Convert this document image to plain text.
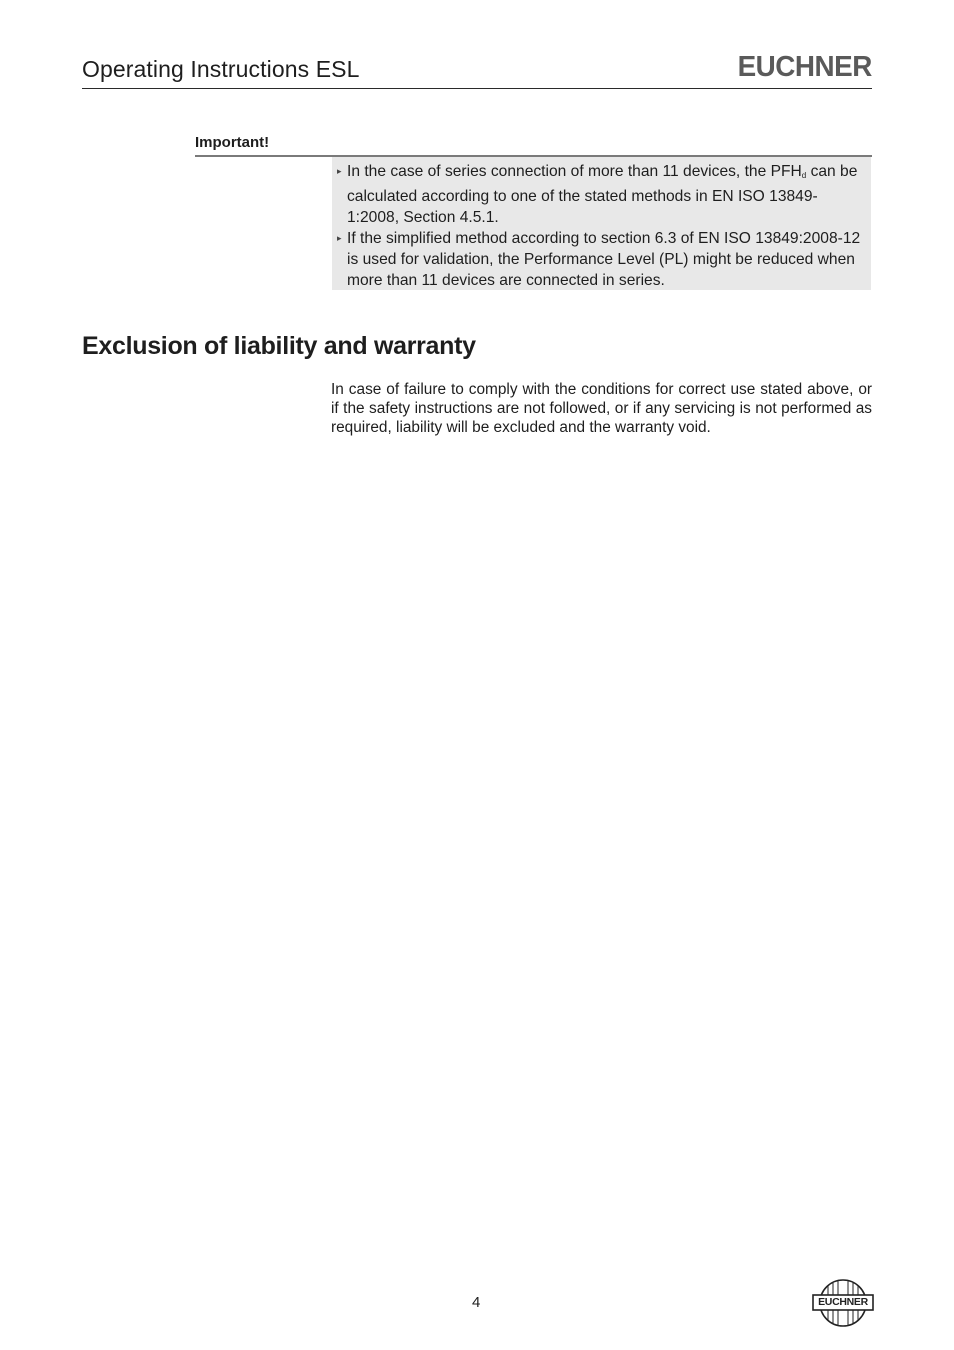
Operating Instructions ESL	EUCHNER
Important!
▸ In the case of series connection of more than 11 devices, the $PFH_d$ can be calculated according to one of the stated methods in EN ISO 13849-1:2008, Section 4.5.1.
▸ If the simplified method according to section 6.3 of EN ISO 13849:2008-12 is used for validation, the Performance Level (PL) might be reduced when more than 11 devices are connected in series.
Exclusion of liability and warranty
In case of failure to comply with the conditions for correct use stated above, or if the safety instructions are not followed, or if any servicing is not performed as required, liability will be excluded and the warranty void.
4	EUCHNER
